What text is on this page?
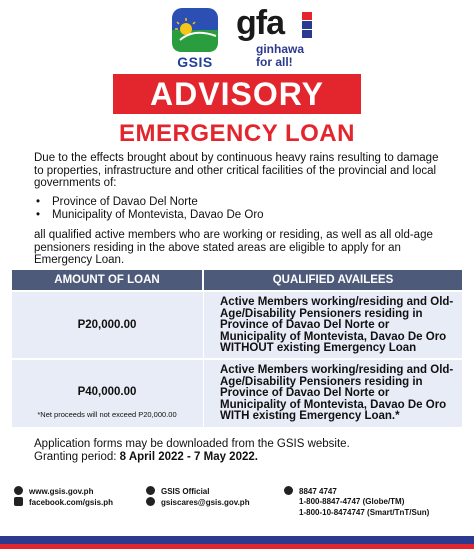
GSIS
gfa
ginhawa
for all!
ADVISORY
EMERGENCY LOAN
Due to the effects brought about by continuous heavy rains resulting to damage to properties, infrastructure and other critical facilities of the provincial and local governments of:
• Province of Davao Del Norte
• Municipality of Montevista, Davao De Oro
all qualified active members who are working or residing, as well as all old-age pensioners residing in the above stated areas are eligible to apply for an Emergency Loan.
AMOUNT OF LOAN	QUALIFIED AVAILEES
P20,000.00
Active Members working/residing and Old-Age/Disability Pensioners residing in Province of Davao Del Norte or Municipality of Montevista, Davao De Oro WITHOUT existing Emergency Loan
P40,000.00
*Net proceeds will not exceed P20,000.00
Active Members working/residing and Old-Age/Disability Pensioners residing in Province of Davao Del Norte or Municipality of Montevista, Davao De Oro WITH existing Emergency Loan.*
Application forms may be downloaded from the GSIS website.
Granting period: 8 April 2022 - 7 May 2022.
www.gsis.gov.ph
facebook.com/gsis.ph
GSIS Official
gsiscares@gsis.gov.ph
8847 4747
1-800-8847-4747 (Globe/TM)
1-800-10-8474747 (Smart/TnT/Sun)
